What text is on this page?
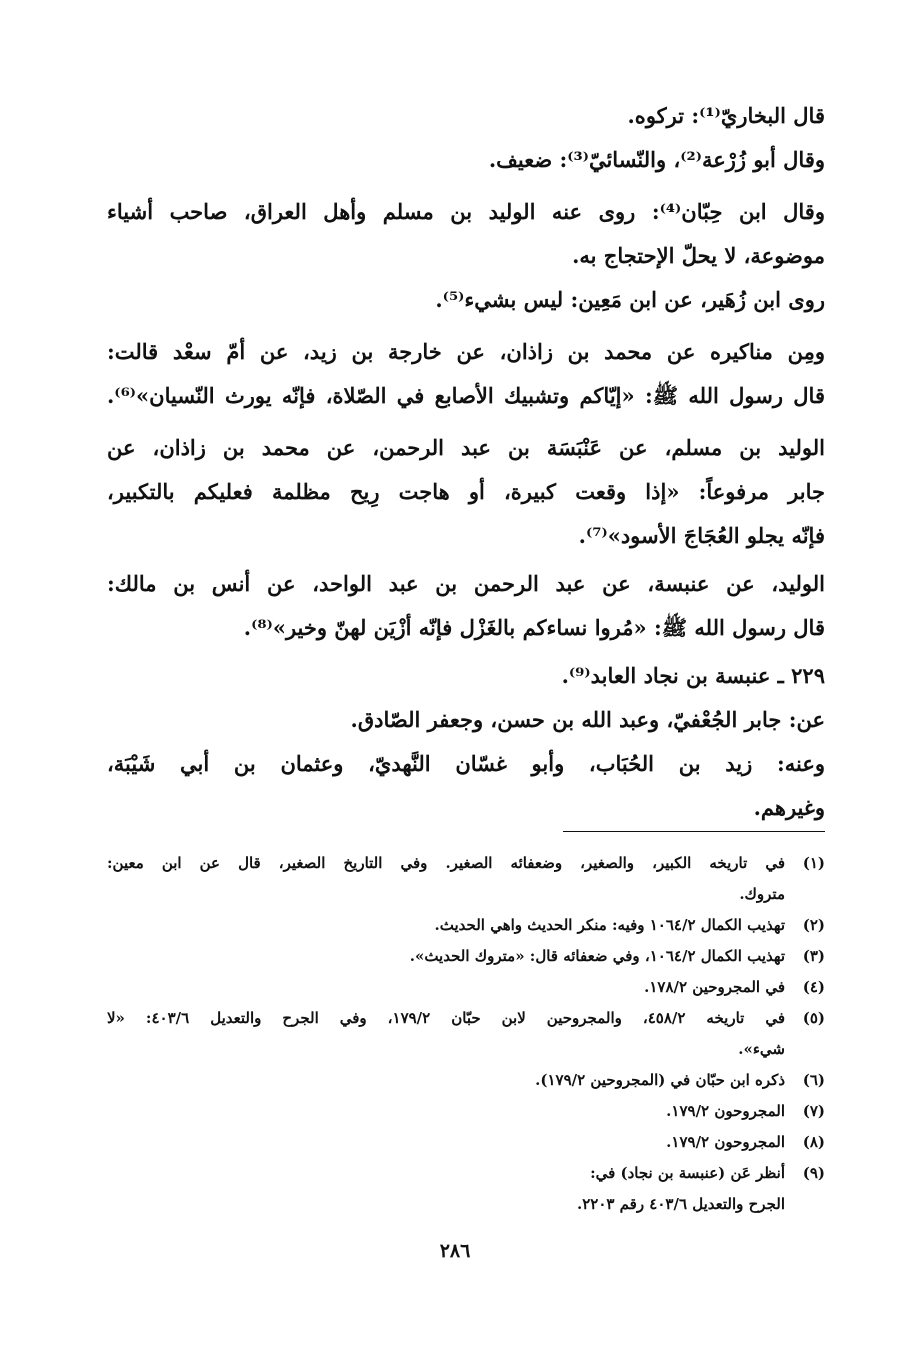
قال البخاريّ⁽¹⁾: تركوه.
وقال أبو زُرْعة⁽²⁾، والنّسائيّ⁽³⁾: ضعيف.
وقال ابن حِبّان⁽⁴⁾: روى عنه الوليد بن مسلم وأهل العراق، صاحب أشياء
موضوعة، لا يحلّ الإحتجاج به.
روى ابن زُهَير، عن ابن مَعِين: ليس بشيء⁽⁵⁾.
ومِن مناكيره عن محمد بن زاذان، عن خارجة بن زيد، عن أمّ سعْد قالت:
قال رسول الله ﷺ: «إيّاكم وتشبيك الأصابع في الصّلاة، فإنّه يورث النّسيان»⁽⁶⁾.
الوليد بن مسلم، عن عَنْبَسَة بن عبد الرحمن، عن محمد بن زاذان، عن
جابر مرفوعاً: «إذا وقعت كبيرة، أو هاجت رِيح مظلمة فعليكم بالتكبير،
فإنّه يجلو العُجَاجَ الأسود»⁽⁷⁾.
الوليد، عن عنبسة، عن عبد الرحمن بن عبد الواحد، عن أنس بن مالك:
قال رسول الله ﷺ: «مُروا نساءكم بالغَزْل فإنّه أزْيَن لهنّ وخير»⁽⁸⁾.
٢٢٩ ـ عنبسة بن نجاد العابد⁽⁹⁾.
عن: جابر الجُعْفيّ، وعبد الله بن حسن، وجعفر الصّادق.
وعنه: زيد بن الحُبَاب، وأبو غسّان النَّهديّ، وعثمان بن أبي شَيْبَة،
وغيرهم.
(١)
في تاريخه الكبير، والصغير، وضعفائه الصغير. وفي التاريخ الصغير، قال عن ابن معين:
متروك.
(٢)
تهذيب الكمال ١٠٦٤/٢ وفيه: منكر الحديث واهي الحديث.
(٣)
تهذيب الكمال ١٠٦٤/٢، وفي ضعفائه قال: «متروك الحديث».
(٤)
في المجروحين ١٧٨/٢.
(٥)
في تاريخه ٤٥٨/٢، والمجروحين لابن حبّان ١٧٩/٢، وفي الجرح والتعديل ٤٠٣/٦: «لا
شيء».
(٦)
ذكره ابن حبّان في (المجروحين ١٧٩/٢).
(٧)
المجروحون ١٧٩/٢.
(٨)
المجروحون ١٧٩/٢.
(٩)
أنظر عَن (عنبسة بن نجاد) في:
الجرح والتعديل ٤٠٣/٦ رقم ٢٢٠٣.
٢٨٦
